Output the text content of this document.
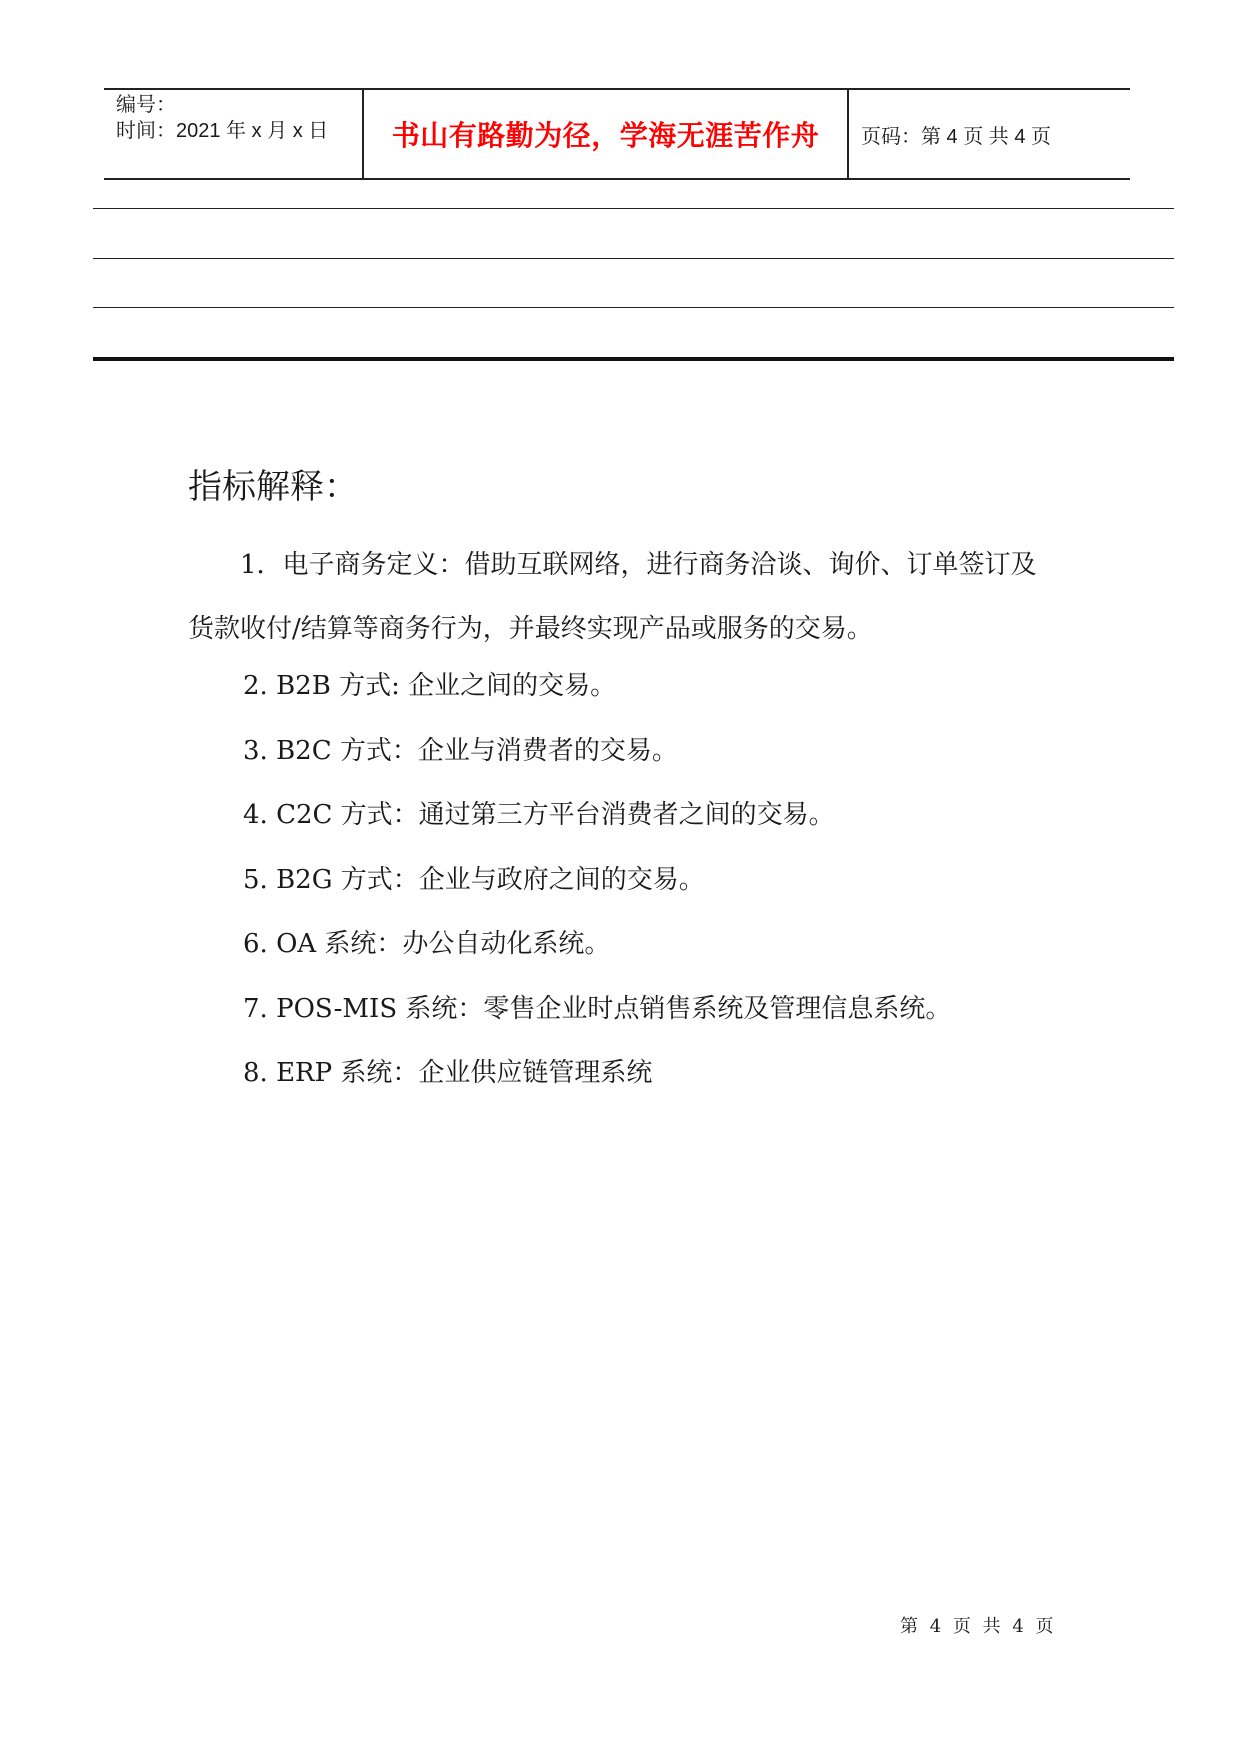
编号：
时间：2021 年 x 月 x 日	书山有路勤为径，学海无涯苦作舟	页码：第 4 页 共 4 页
指标解释：
1．电子商务定义：借助互联网络，进行商务洽谈、询价、订单签订及货款收付/结算等商务行为，并最终实现产品或服务的交易。
2. B2B 方式: 企业之间的交易。
3. B2C 方式：企业与消费者的交易。
4. C2C 方式：通过第三方平台消费者之间的交易。
5. B2G 方式：企业与政府之间的交易。
6. OA 系统：办公自动化系统。
7. POS-MIS 系统：零售企业时点销售系统及管理信息系统。
8. ERP 系统：企业供应链管理系统
第 4 页 共 4 页
